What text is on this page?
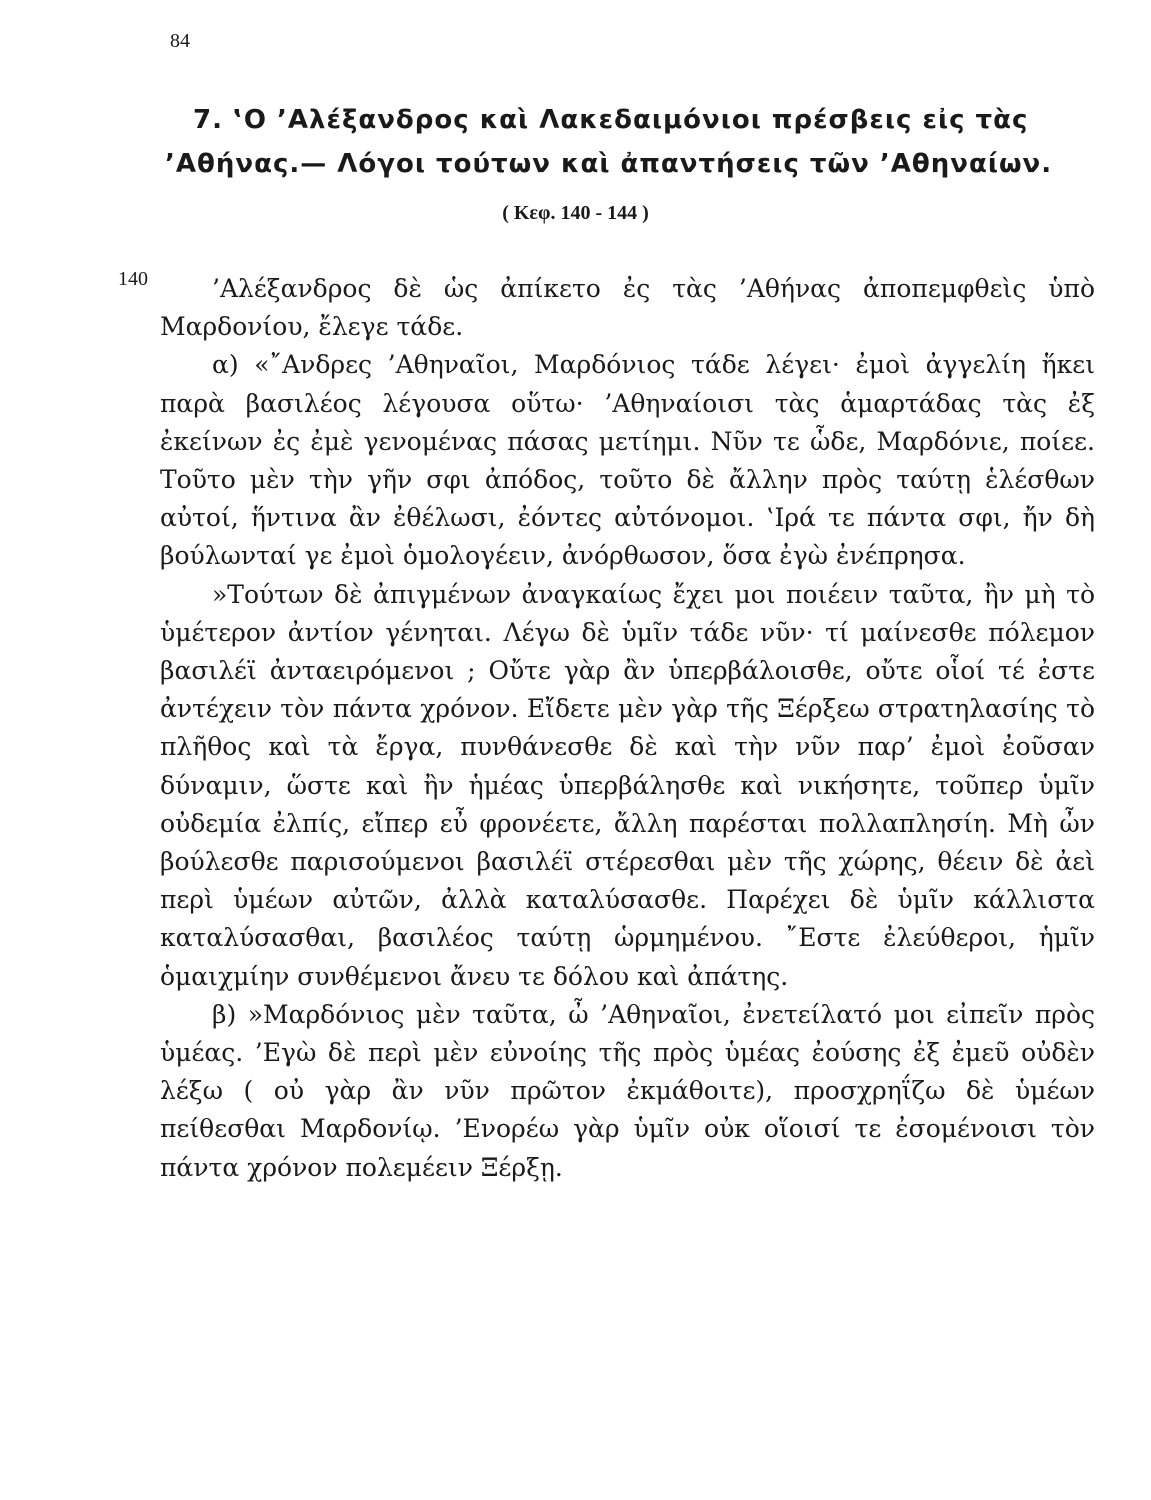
84
7. ‛Ο ’Αλέξανδρος καὶ Λακεδαιμόνιοι πρέσβεις εἰς τὰς
’Αθήνας.— Λόγοι τούτων καὶ ἀπαντήσεις τῶν ’Αθηναίων.
( Κεφ. 140 - 144 )
140	’Αλέξανδρος δὲ ὡς ἀπίκετο ἐς τὰς ’Αθήνας ἀποπεμφθεὶς ὑπὸ Μαρδονίου, ἔλεγε τάδε.

α) «῎Ανδρες ’Αθηναῖοι, Μαρδόνιος τάδε λέγει· ἐμοὶ ἀγγελίη ἥκει παρὰ βασιλέος λέγουσα οὕτω· ’Αθηναίοισι τὰς ἁμαρτάδας τὰς ἐξ ἐκείνων ἐς ἐμὲ γενομένας πάσας μετίημι. Νῦν τε ὧδε, Μαρδόνιε, ποίεε. Τοῦτο μὲν τὴν γῆν σφι ἀπόδος, τοῦτο δὲ ἄλλην πρὸς ταύτῃ ἑλέσθων αὐτοί, ἥντινα ἂν ἐθέλωσι, ἐόντες αὐτόνομοι. ‛Ιρά τε πάντα σφι, ἤν δὴ βούλωνταί γε ἐμοὶ ὁμολογέειν, ἀνόρθωσον, ὅσα ἐγὼ ἐνέπρησα.

»Τούτων δὲ ἀπιγμένων ἀναγκαίως ἔχει μοι ποιέειν ταῦτα, ἢν μὴ τὸ ὑμέτερον ἀντίον γένηται. Λέγω δὲ ὑμῖν τάδε νῦν· τί μαίνεσθε πόλεμον βασιλέϊ ἀνταειρόμενοι ; Οὔτε γὰρ ἂν ὑπερβάλοισθε, οὔτε οἷοί τέ ἐστε ἀντέχειν τὸν πάντα χρόνον. Εἴδετε μὲν γὰρ τῆς Ξέρξεω στρατηλασίης τὸ πλῆθος καὶ τὰ ἔργα, πυνθάνεσθε δὲ καὶ τὴν νῦν παρ’ ἐμοὶ ἐοῦσαν δύναμιν, ὥστε καὶ ἢν ἡμέας ὑπερβάλησθε καὶ νικήσητε, τοῦπερ ὑμῖν οὐδεμία ἐλπίς, εἴπερ εὖ φρονέετε, ἄλλη παρέσται πολλαπλησίη. Μὴ ὦν βούλεσθε παρισούμενοι βασιλέϊ στέρεσθαι μὲν τῆς χώρης, θέειν δὲ ἀεὶ περὶ ὑμέων αὐτῶν, ἀλλὰ καταλύσασθε. Παρέχει δὲ ὑμῖν κάλλιστα καταλύσασθαι, βασιλέος ταύτῃ ὡρμημένου. ῎Εστε ἐλεύθεροι, ἡμῖν ὁμαιχμίην συνθέμενοι ἄνευ τε δόλου καὶ ἀπάτης.

β) »Μαρδόνιος μὲν ταῦτα, ὦ ’Αθηναῖοι, ἐνετείλατό μοι εἰπεῖν πρὸς ὑμέας. ’Εγὼ δὲ περὶ μὲν εὐνοίης τῆς πρὸς ὑμέας ἐούσης ἐξ ἐμεῦ οὐδὲν λέξω ( οὐ γὰρ ἂν νῦν πρῶτον ἐκμάθοιτε), προσχρηΐζω δὲ ὑμέων πείθεσθαι Μαρδονίῳ. ’Ενορέω γὰρ ὑμῖν οὐκ οἵοισί τε ἐσομένοισι τὸν πάντα χρόνον πολεμέειν Ξέρξῃ.
